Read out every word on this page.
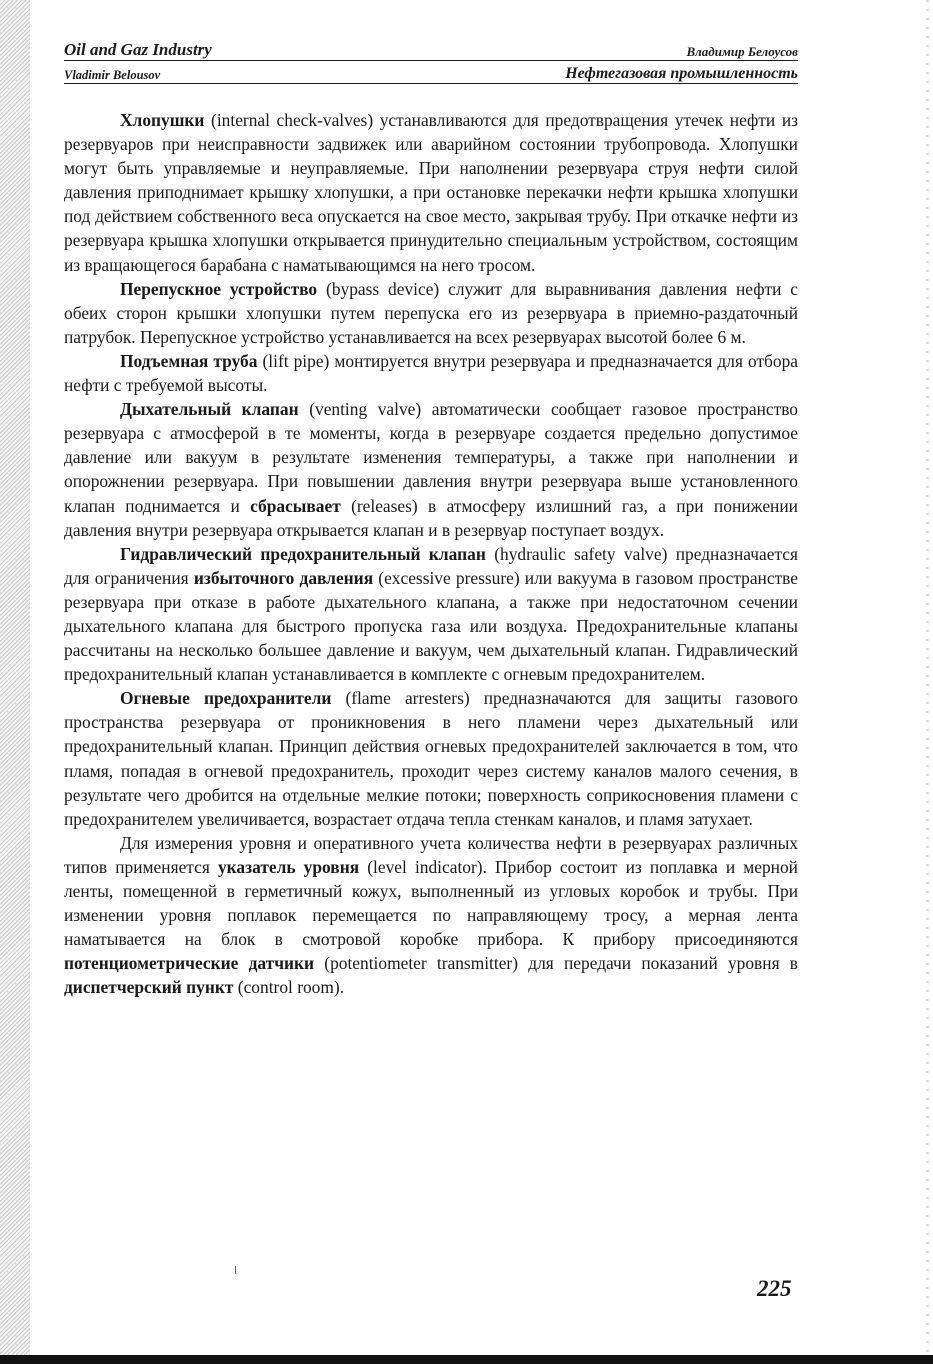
Oil and Gaz Industry	Владимир Белоусов
Vladimir Belousov	Нефтегазовая промышленность

Хлопушки (internal check-valves) устанавливаются для предотвращения утечек нефти из резервуаров при неисправности задвижек или аварийном состоянии трубопровода. Хлопушки могут быть управляемые и неуправляемые. При наполнении резервуара струя нефти силой давления приподнимает крышку хлопушки, а при остановке перекачки нефти крышка хлопушки под действием собственного веса опускается на свое место, закрывая трубу. При откачке нефти из резервуара крышка хлопушки открывается принудительно специальным устройством, состоящим из вращающегося барабана с наматывающимся на него тросом.

Перепускное устройство (bypass device) служит для выравнивания давления нефти с обеих сторон крышки хлопушки путем перепуска его из резервуара в приемно-раздаточный патрубок. Перепускное устройство устанавливается на всех резервуарах высотой более 6 м.

Подъемная труба (lift pipe) монтируется внутри резервуара и предназначается для отбора нефти с требуемой высоты.

Дыхательный клапан (venting valve) автоматически сообщает газовое пространство резервуара с атмосферой в те моменты, когда в резервуаре создается предельно допустимое давление или вакуум в результате изменения температуры, а также при наполнении и опорожнении резервуара. При повышении давления внутри резервуара выше установленного клапан поднимается и сбрасывает (releases) в атмосферу излишний газ, а при понижении давления внутри резервуара открывается клапан и в резервуар поступает воздух.

Гидравлический предохранительный клапан (hydraulic safety valve) предназначается для ограничения избыточного давления (excessive pressure) или вакуума в газовом пространстве резервуара при отказе в работе дыхательного клапана, а также при недостаточном сечении дыхательного клапана для быстрого пропуска газа или воздуха. Предохранительные клапаны рассчитаны на несколько большее давление и вакуум, чем дыхательный клапан. Гидравлический предохранительный клапан устанавливается в комплекте с огневым предохранителем.

Огневые предохранители (flame arresters) предназначаются для защиты газового пространства резервуара от проникновения в него пламени через дыхательный или предохранительный клапан. Принцип действия огневых предохранителей заключается в том, что пламя, попадая в огневой предохранитель, проходит через систему каналов малого сечения, в результате чего дробится на отдельные мелкие потоки; поверхность соприкосновения пламени с предохранителем увеличивается, возрастает отдача тепла стенкам каналов, и пламя затухает.

Для измерения уровня и оперативного учета количества нефти в резервуарах различных типов применяется указатель уровня (level indicator). Прибор состоит из поплавка и мерной ленты, помещенной в герметичный кожух, выполненный из угловых коробок и трубы. При изменении уровня поплавок перемещается по направляющему тросу, а мерная лента наматывается на блок в смотровой коробке прибора. К прибору присоединяются потенциометрические датчики (potentiometer transmitter) для передачи показаний уровня в диспетчерский пункт (control room).

225
